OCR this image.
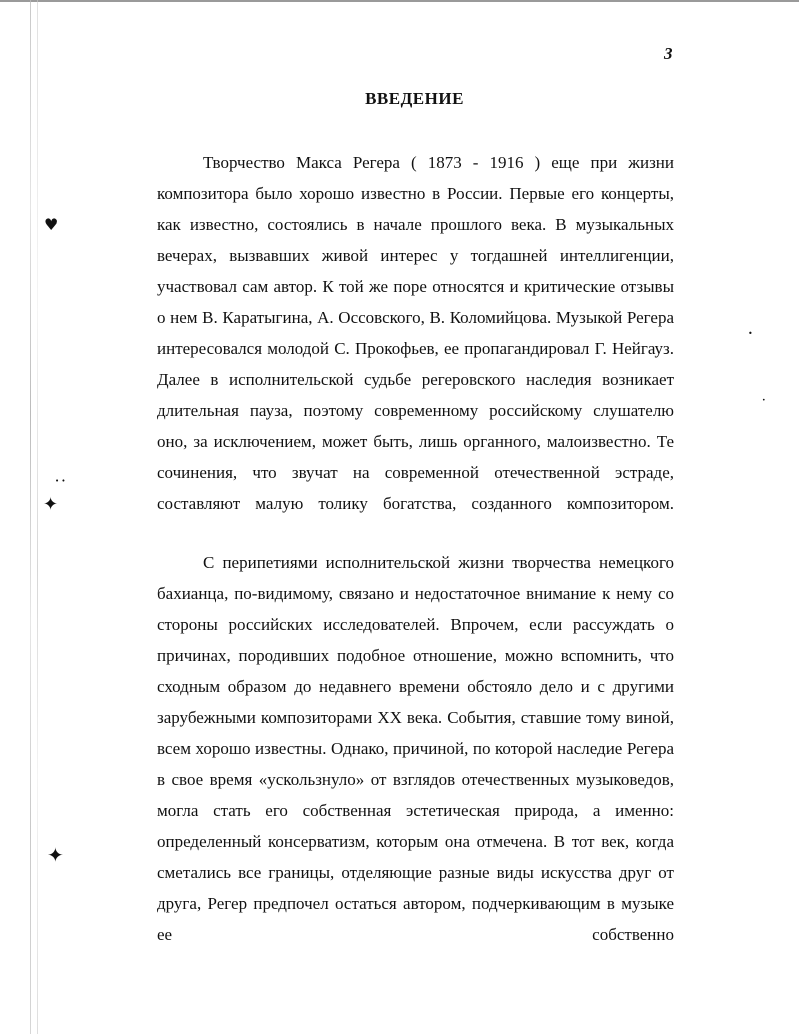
♥
✦
• •
✦
•
•
3
ВВЕДЕНИЕ

Творчество Макса Регера ( 1873 - 1916 ) еще при жизни композитора было хорошо известно в России. Первые его концерты, как известно, состоялись в начале прошлого века. В музыкальных вечерах, вызвавших живой интерес у тогдашней интеллигенции, участвовал сам автор. К той же поре относятся и критические отзывы о нем В. Каратыгина, А. Оссовского, В. Коломийцова. Музыкой Регера интересовался молодой С. Прокофьев, ее пропагандировал Г. Нейгауз. Далее в исполнительской судьбе регеровского наследия возникает длительная пауза, поэтому современному российскому слушателю оно, за исключением, может быть, лишь органного, малоизвестно. Те сочинения, что звучат на современной отечественной эстраде, составляют малую толику богатства, созданного композитором.

С перипетиями исполнительской жизни творчества немецкого бахианца, по-видимому, связано и недостаточное внимание к нему со стороны российских исследователей. Впрочем, если рассуждать о причинах, породивших подобное отношение, можно вспомнить, что сходным образом до недавнего времени обстояло дело и с другими зарубежными композиторами XX века. События, ставшие тому виной, всем хорошо известны. Однако, причиной, по которой наследие Регера в свое время «ускользнуло» от взглядов отечественных музыковедов, могла стать его собственная эстетическая природа, а именно: определенный консерватизм, которым она отмечена. В тот век, когда сметались все границы, отделяющие разные виды искусства друг от друга, Регер предпочел остаться автором, подчеркивающим в музыке ее собственно
